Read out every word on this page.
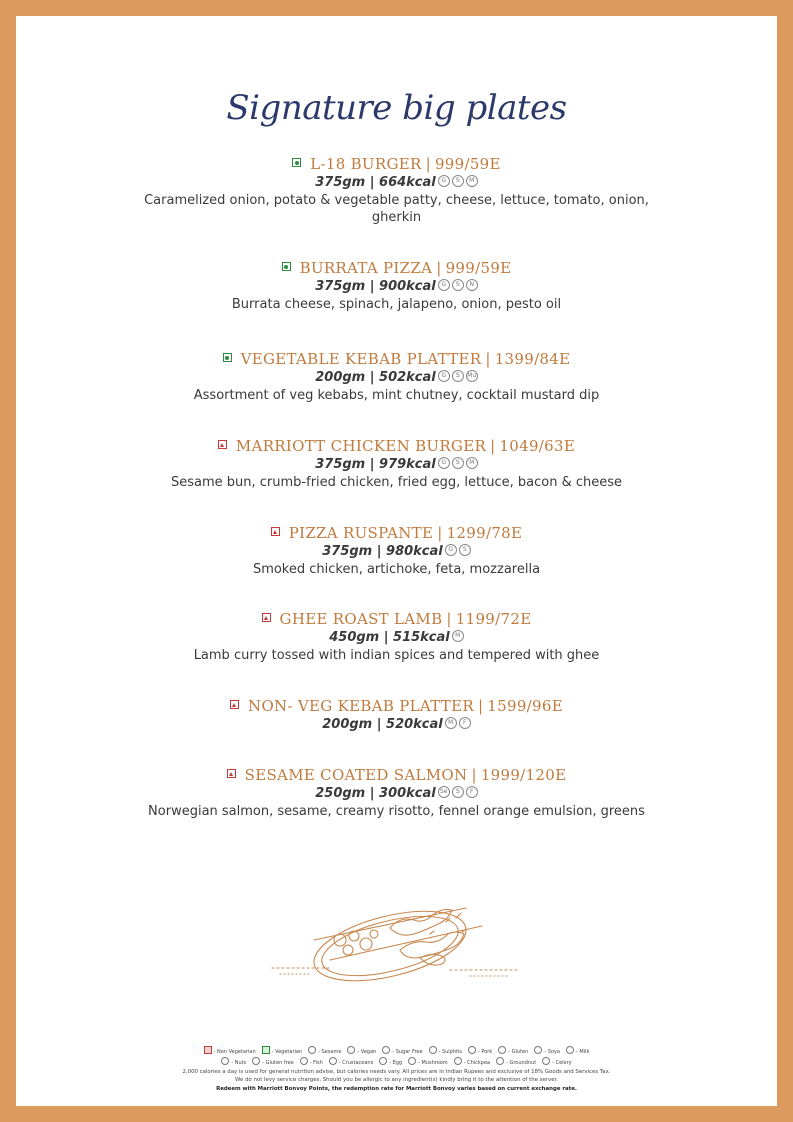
Signature big plates
L-18 BURGER | 999/59E
375gm | 664kcal G S M
Caramelized onion, potato & vegetable patty, cheese, lettuce, tomato, onion, gherkin
BURRATA PIZZA | 999/59E
375gm | 900kcal G S N
Burrata cheese, spinach, jalapeno, onion, pesto oil
VEGETABLE KEBAB PLATTER | 1399/84E
200gm | 502kcal G S Mu
Assortment of veg kebabs, mint chutney, cocktail mustard dip
MARRIOTT CHICKEN BURGER | 1049/63E
375gm | 979kcal G S M
Sesame bun, crumb-fried chicken, fried egg, lettuce, bacon & cheese
PIZZA RUSPANTE | 1299/78E
375gm | 980kcal G S
Smoked chicken, artichoke, feta, mozzarella
GHEE ROAST LAMB | 1199/72E
450gm | 515kcal M
Lamb curry tossed with indian spices and tempered with ghee
NON- VEG KEBAB PLATTER | 1599/96E
200gm | 520kcal M F
SESAME COATED SALMON | 1999/120E
250gm | 300kcal Se S F
Norwegian salmon, sesame, creamy risotto, fennel orange emulsion, greens
- Non Vegetarian	- Vegetarian	- Sesame	- Vegan	- Sugar Free	- Sulphits	- Pork	- Gluten	- Soya	- Milk
- Nuts	- Gluten free	- Fish	- Crustaceans	- Egg	- Mushroom	- Chickpea	- Groundnut	- Celery
2,000 calories a day is used for general nutrition advise, but calories needs vary. All prices are in Indian Rupees and exclusive of 18% Goods and Services Tax.
We do not levy service charges. Should you be allergic to any ingredient(s) kindly bring it to the attention of the server.
Redeem with Marriott Bonvoy Points, the redemption rate for Marriott Bonvoy varies based on current exchange rate.
